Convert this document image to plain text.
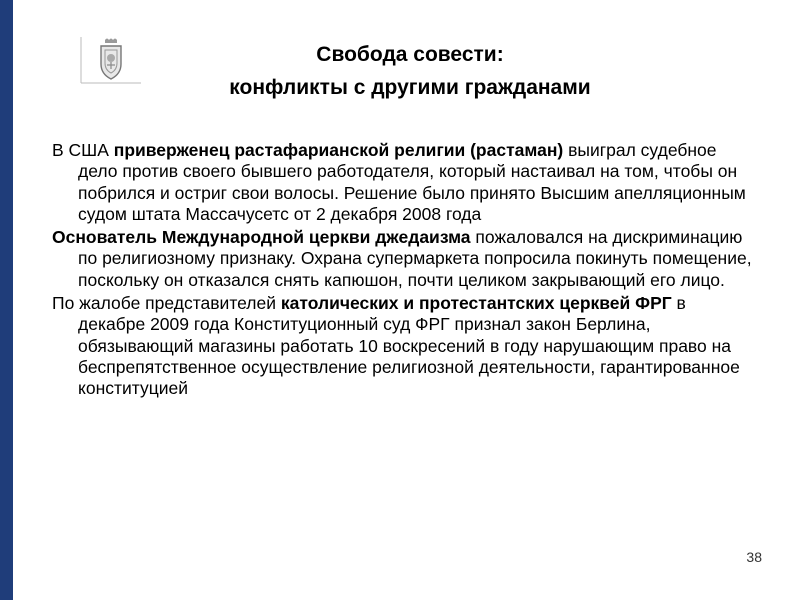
Свобода совести:
конфликты с другими гражданами

В США приверженец растафарианской религии (растаман) выиграл судебное дело против своего бывшего работодателя, который настаивал на том, чтобы он побрился и остриг свои волосы. Решение было принято Высшим апелляционным судом штата Массачусетс от 2 декабря 2008 года

Основатель Международной церкви джедаизма пожаловался на дискриминацию по религиозному признаку. Охрана супермаркета попросила покинуть помещение, поскольку он отказался снять капюшон, почти целиком закрывающий его лицо.

По жалобе представителей католических и протестантских церквей ФРГ в декабре 2009 года Конституционный суд ФРГ признал закон Берлина, обязывающий магазины работать 10 воскресений в году нарушающим право на беспрепятственное осуществление религиозной деятельности, гарантированное конституцией

38
